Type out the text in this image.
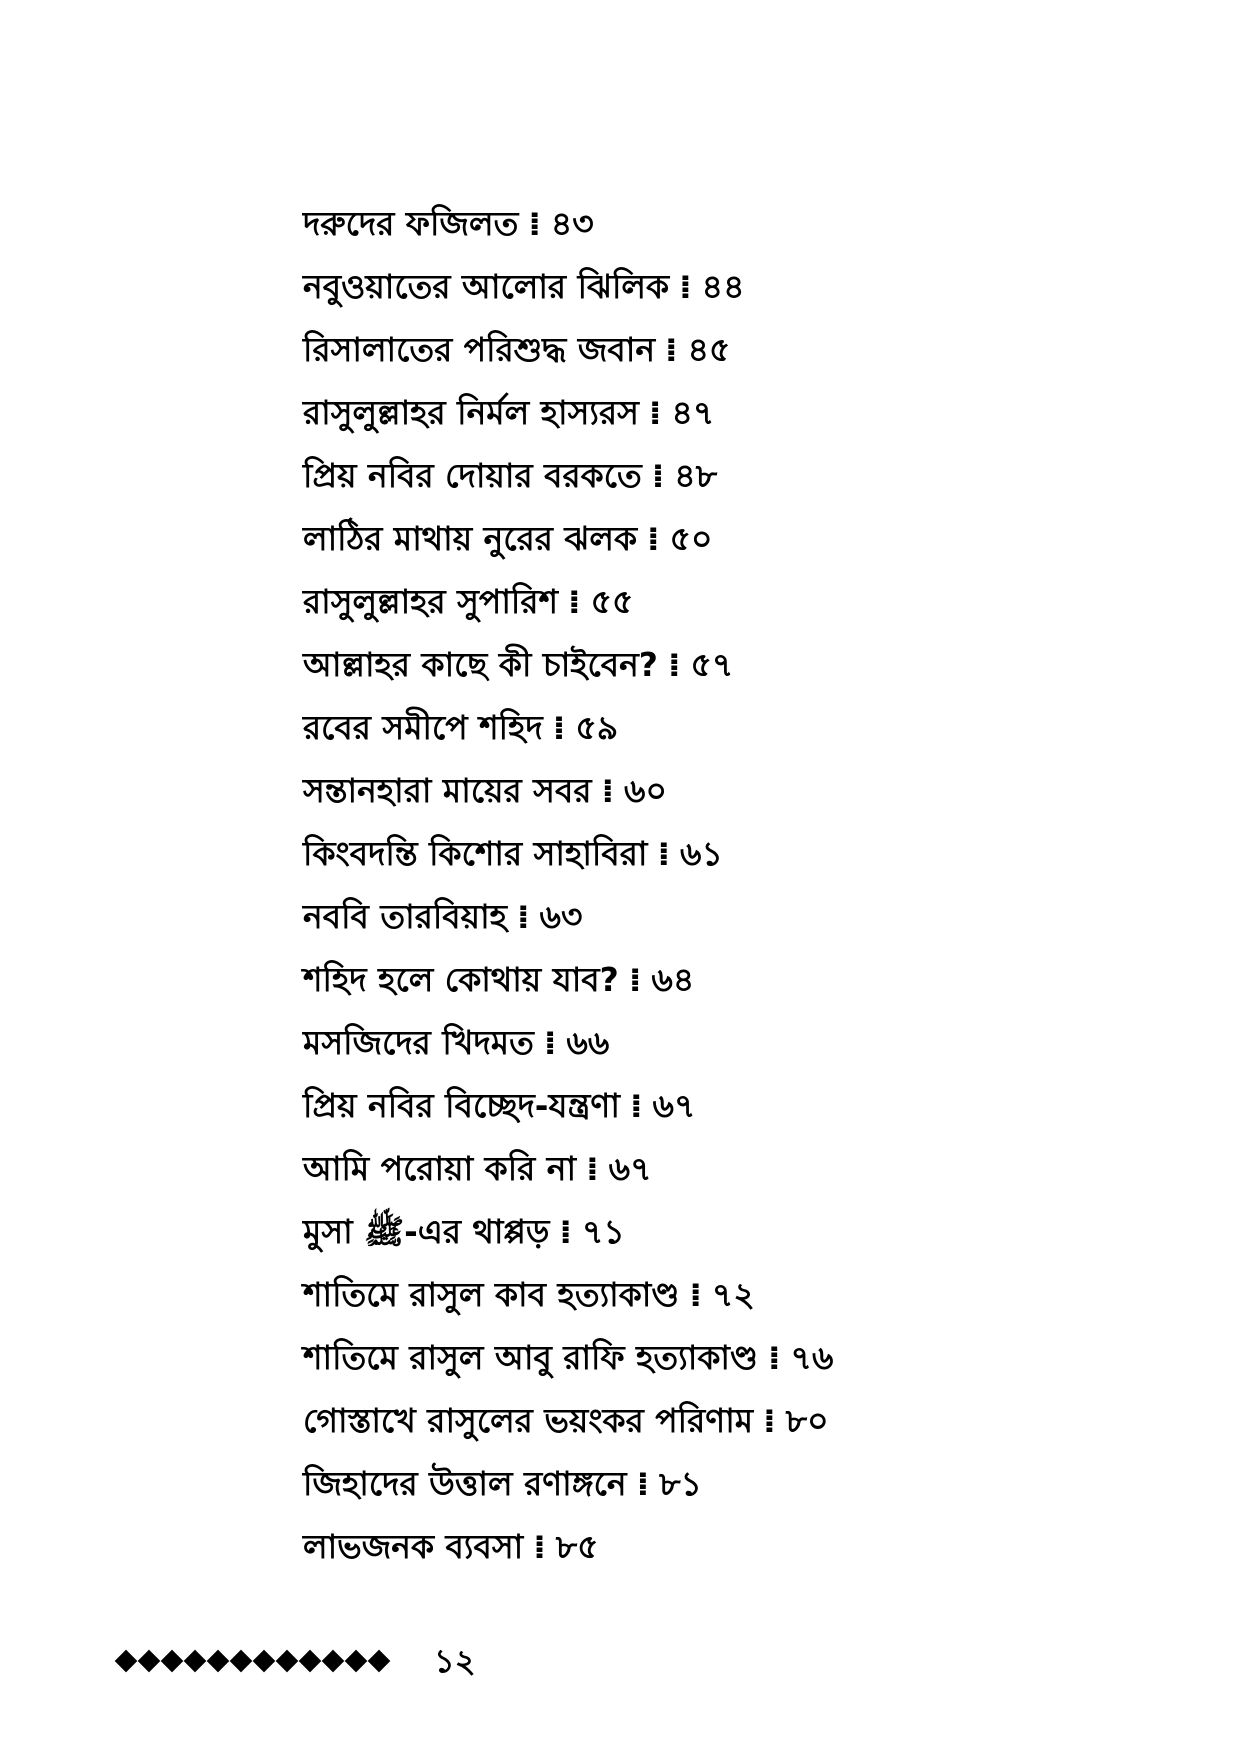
দরুদের ফজিলত ⁞ ৪৩
নবুওয়াতের আলোর ঝিলিক ⁞ ৪৪
রিসালাতের পরিশুদ্ধ জবান ⁞ ৪৫
রাসুলুল্লাহর নির্মল হাস্যরস ⁞ ৪৭
প্রিয় নবির দোয়ার বরকতে ⁞ ৪৮
লাঠির মাথায় নুরের ঝলক ⁞ ৫০
রাসুলুল্লাহর সুপারিশ ⁞ ৫৫
আল্লাহর কাছে কী চাইবেন? ⁞ ৫৭
রবের সমীপে শহিদ ⁞ ৫৯
সন্তানহারা মায়ের সবর ⁞ ৬০
কিংবদন্তি কিশোর সাহাবিরা ⁞ ৬১
নববি তারবিয়াহ ⁞ ৬৩
শহিদ হলে কোথায় যাব? ⁞ ৬৪
মসজিদের খিদমত ⁞ ৬৬
প্রিয় নবির বিচ্ছেদ-যন্ত্রণা ⁞ ৬৭
আমি পরোয়া করি না ⁞ ৬৭
মুসা ﷺ-এর থাপ্পড় ⁞ ৭১
শাতিমে রাসুল কাব হত্যাকাণ্ড ⁞ ৭২
শাতিমে রাসুল আবু রাফি হত্যাকাণ্ড ⁞ ৭৬
গোস্তাখে রাসুলের ভয়ংকর পরিণাম ⁞ ৮০
জিহাদের উত্তাল রণাঙ্গনে ⁞ ৮১
লাভজনক ব্যবসা ⁞ ৮৫
১২
